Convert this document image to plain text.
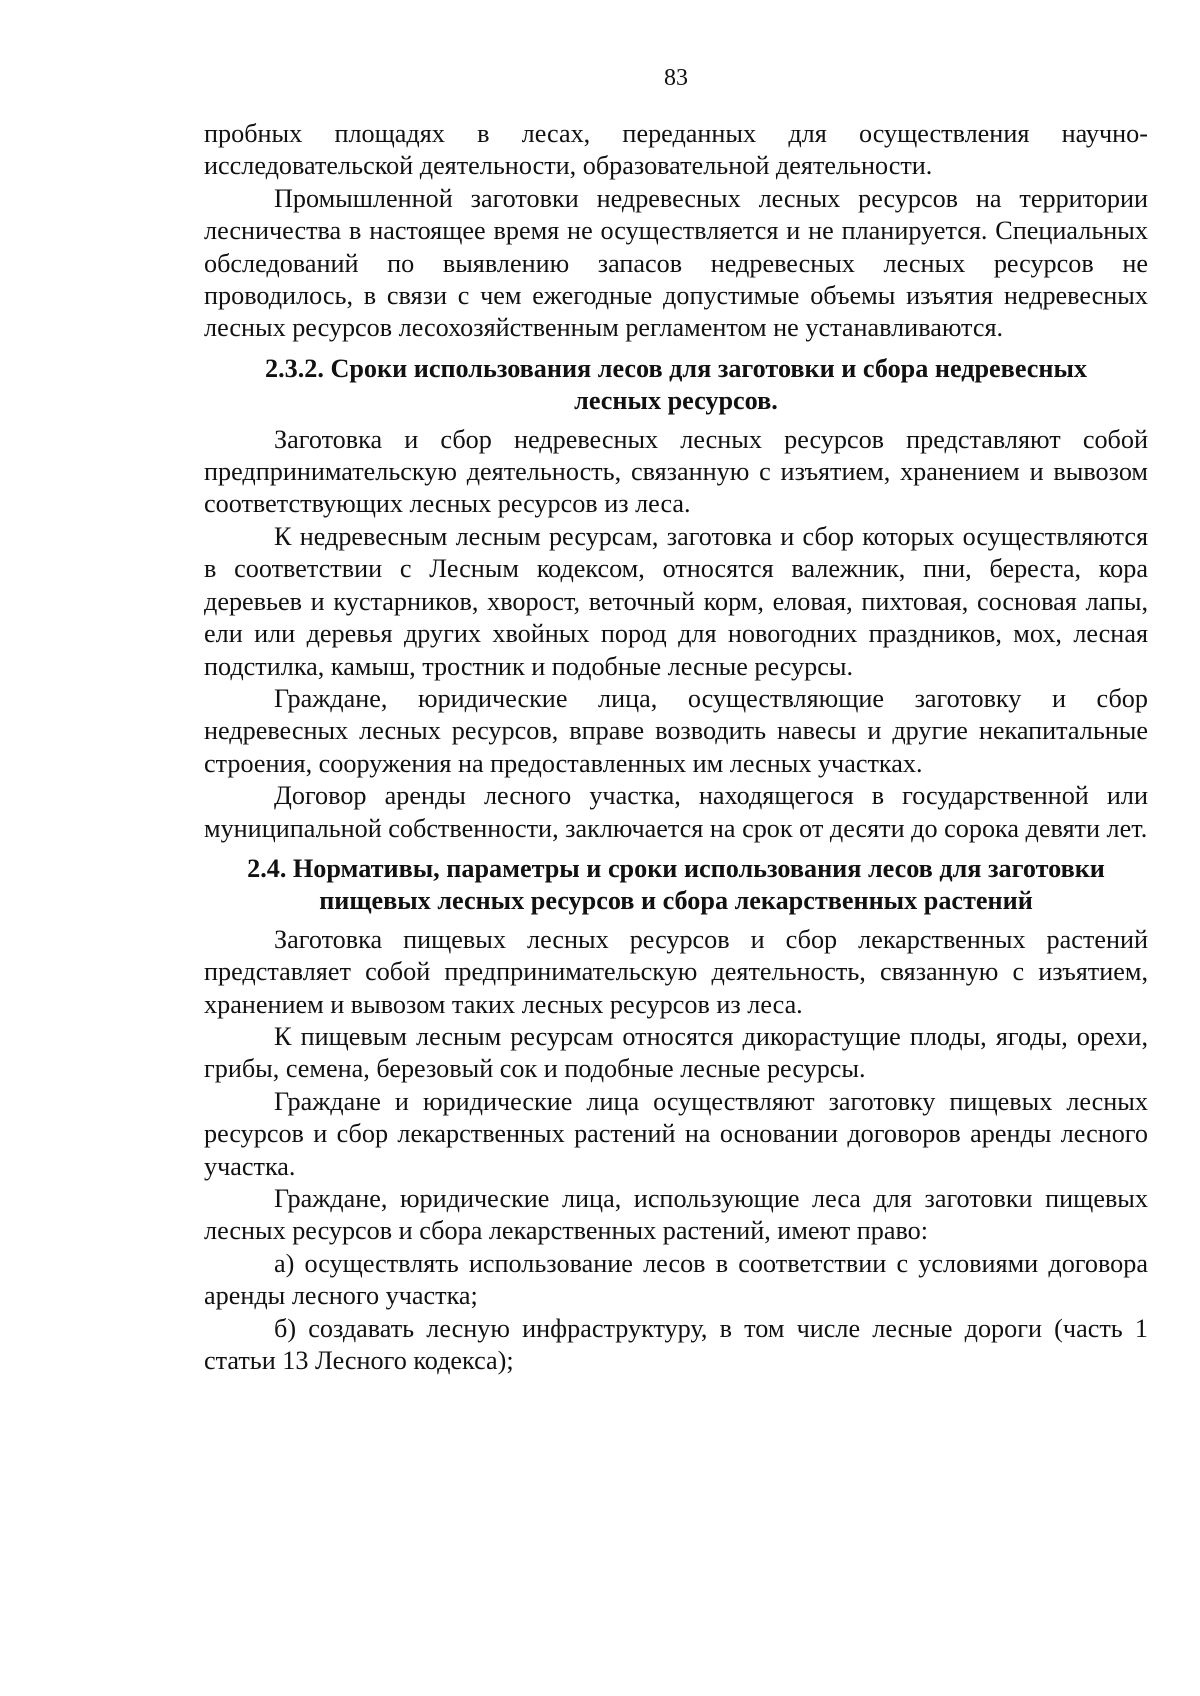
83

пробных площадях в лесах, переданных для осуществления научно-исследовательской деятельности, образовательной деятельности.

Промышленной заготовки недревесных лесных ресурсов на территории лесничества в настоящее время не осуществляется и не планируется. Специальных обследований по выявлению запасов недревесных лесных ресурсов не проводилось, в связи с чем ежегодные допустимые объемы изъятия недревесных лесных ресурсов лесохозяйственным регламентом не устанавливаются.

2.3.2. Сроки использования лесов для заготовки и сбора недревесных
лесных ресурсов.

Заготовка и сбор недревесных лесных ресурсов представляют собой предпринимательскую деятельность, связанную с изъятием, хранением и вывозом соответствующих лесных ресурсов из леса.

К недревесным лесным ресурсам, заготовка и сбор которых осуществляются в соответствии с Лесным кодексом, относятся валежник, пни, береста, кора деревьев и кустарников, хворост, веточный корм, еловая, пихтовая, сосновая лапы, ели или деревья других хвойных пород для новогодних праздников, мох, лесная подстилка, камыш, тростник и подобные лесные ресурсы.

Граждане, юридические лица, осуществляющие заготовку и сбор недревесных лесных ресурсов, вправе возводить навесы и другие некапитальные строения, сооружения на предоставленных им лесных участках.

Договор аренды лесного участка, находящегося в государственной или муниципальной собственности, заключается на срок от десяти до сорока девяти лет.

2.4. Нормативы, параметры и сроки использования лесов для заготовки
пищевых лесных ресурсов и сбора лекарственных растений

Заготовка пищевых лесных ресурсов и сбор лекарственных растений представляет собой предпринимательскую деятельность, связанную с изъятием, хранением и вывозом таких лесных ресурсов из леса.

К пищевым лесным ресурсам относятся дикорастущие плоды, ягоды, орехи, грибы, семена, березовый сок и подобные лесные ресурсы.

Граждане и юридические лица осуществляют заготовку пищевых лесных ресурсов и сбор лекарственных растений на основании договоров аренды лесного участка.

Граждане, юридические лица, использующие леса для заготовки пищевых лесных ресурсов и сбора лекарственных растений, имеют право:

а) осуществлять использование лесов в соответствии с условиями договора аренды лесного участка;

б) создавать лесную инфраструктуру, в том числе лесные дороги (часть 1 статьи 13 Лесного кодекса);
